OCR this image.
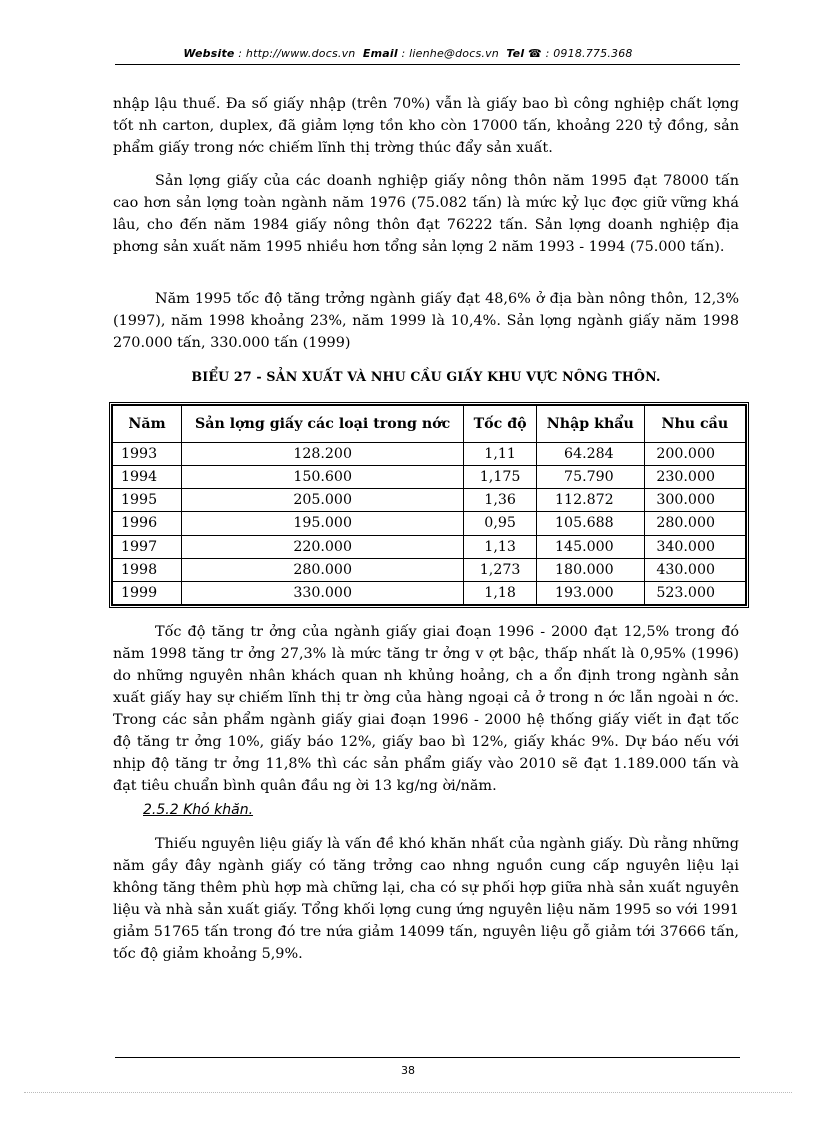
Website : http://www.docs.vn Email : lienhe@docs.vn Tel ☎ : 0918.775.368

nhập lậu thuế. Đa số giấy nhập (trên 70%) vẫn là giấy bao bì công nghiệp chất lợng tốt nh carton, duplex, đã giảm lợng tồn kho còn 17000 tấn, khoảng 220 tỷ đồng, sản phẩm giấy trong nớc chiếm lĩnh thị trờng thúc đẩy sản xuất.

Sản lợng giấy của các doanh nghiệp giấy nông thôn năm 1995 đạt 78000 tấn cao hơn sản lợng toàn ngành năm 1976 (75.082 tấn) là mức kỷ lục đợc giữ vững khá lâu, cho đến năm 1984 giấy nông thôn đạt 76222 tấn. Sản lợng doanh nghiệp địa phơng sản xuất năm 1995 nhiều hơn tổng sản lợng 2 năm 1993 - 1994 (75.000 tấn).

Năm 1995 tốc độ tăng trởng ngành giấy đạt 48,6% ở địa bàn nông thôn, 12,3% (1997), năm 1998 khoảng 23%, năm 1999 là 10,4%. Sản lợng ngành giấy năm 1998 270.000 tấn, 330.000 tấn (1999)

BIỂU 27 - SẢN XUẤT VÀ NHU CẦU GIẤY KHU VỰC NÔNG THÔN.
Năm	Sản lợng giấy các loại trong nớc	Tốc độ	Nhập khẩu	Nhu cầu
1993	128.200	1,11	64.284	200.000
1994	150.600	1,175	75.790	230.000
1995	205.000	1,36	112.872	300.000
1996	195.000	0,95	105.688	280.000
1997	220.000	1,13	145.000	340.000
1998	280.000	1,273	180.000	430.000
1999	330.000	1,18	193.000	523.000

Tốc độ tăng tr ởng của ngành giấy giai đoạn 1996 - 2000 đạt 12,5% trong đó năm 1998 tăng tr ởng 27,3% là mức tăng tr ởng v ợt bậc, thấp nhất là 0,95% (1996) do những nguyên nhân khách quan nh khủng hoảng, ch a ổn định trong ngành sản xuất giấy hay sự chiếm lĩnh thị tr ờng của hàng ngoại cả ở trong n ớc lẫn ngoài n ớc. Trong các sản phẩm ngành giấy giai đoạn 1996 - 2000 hệ thống giấy viết in đạt tốc độ tăng tr ởng 10%, giấy báo 12%, giấy bao bì 12%, giấy khác 9%. Dự báo nếu với nhịp độ tăng tr ởng 11,8% thì các sản phẩm giấy vào 2010 sẽ đạt 1.189.000 tấn và đạt tiêu chuẩn bình quân đầu ng ời 13 kg/ng ời/năm.

2.5.2 Khó khăn.

Thiếu nguyên liệu giấy là vấn đề khó khăn nhất của ngành giấy. Dù rằng những năm gầy đây ngành giấy có tăng trởng cao nhng nguồn cung cấp nguyên liệu lại không tăng thêm phù hợp mà chững lại, cha có sự phối hợp giữa nhà sản xuất nguyên liệu và nhà sản xuất giấy. Tổng khối lợng cung ứng nguyên liệu năm 1995 so với 1991 giảm 51765 tấn trong đó tre nứa giảm 14099 tấn, nguyên liệu gỗ giảm tới 37666 tấn, tốc độ giảm khoảng 5,9%.

38
